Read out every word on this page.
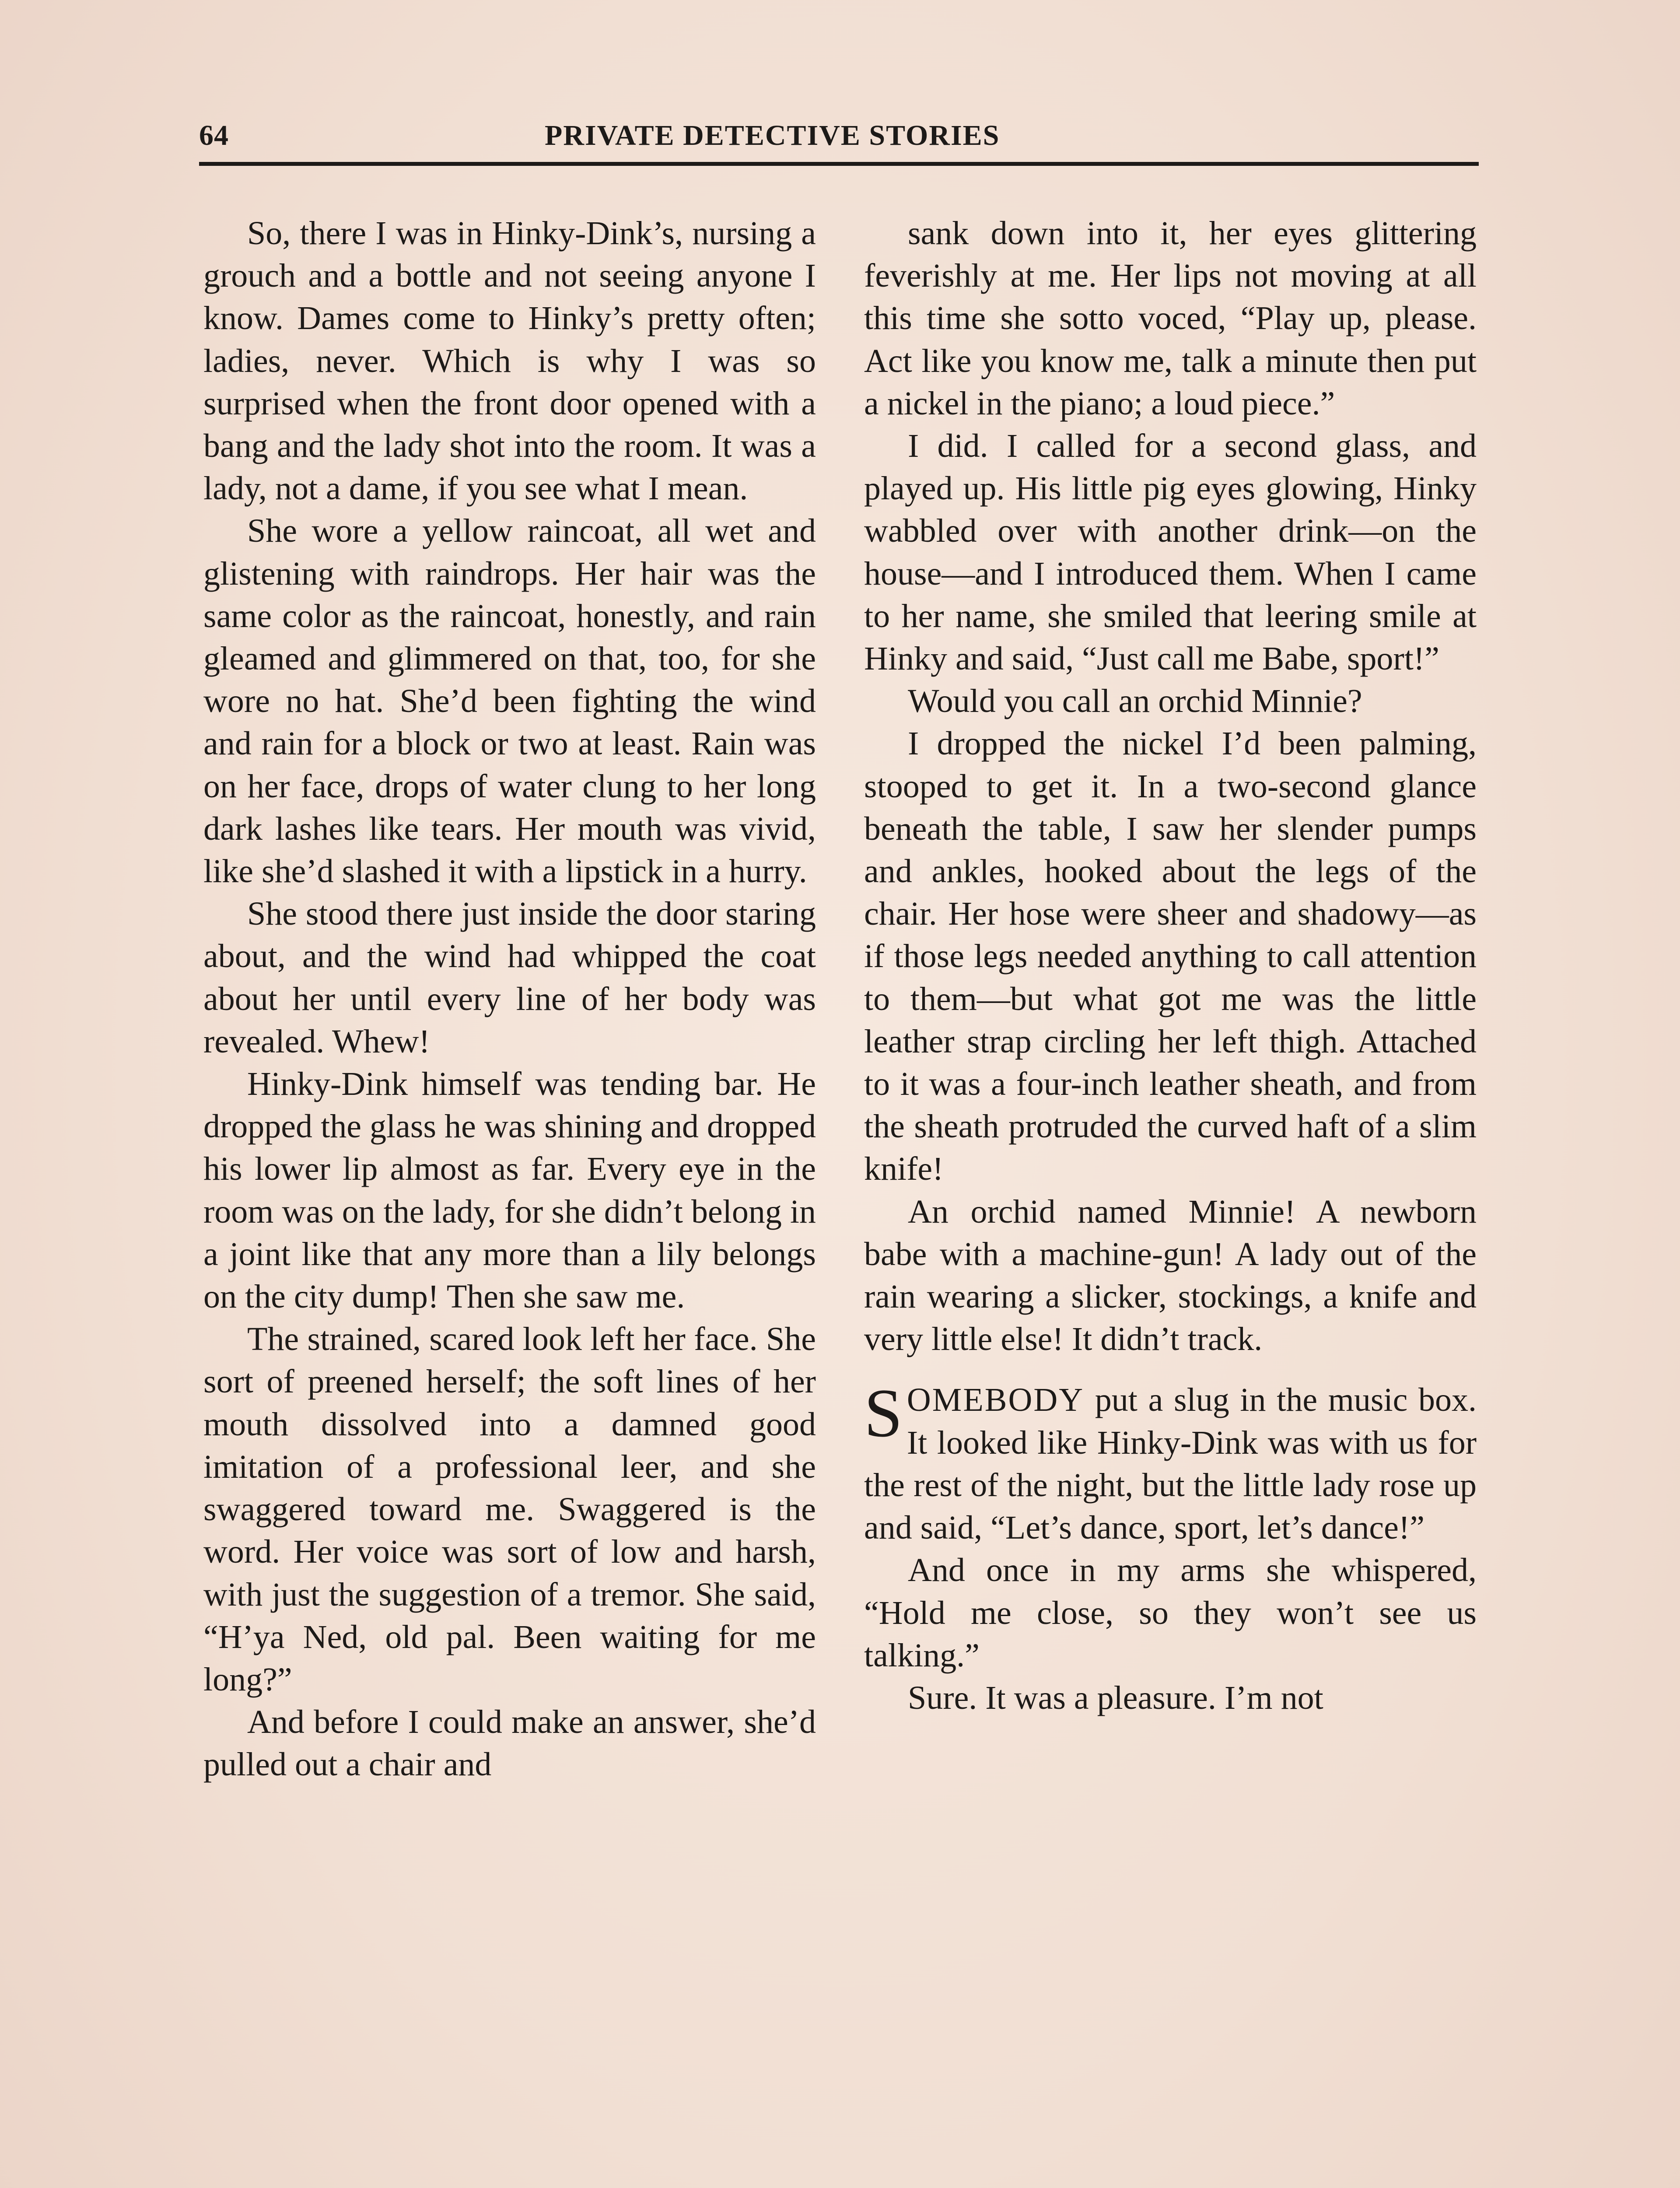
64	PRIVATE DETECTIVE STORIES

So, there I was in Hinky-Dink’s, nursing a grouch and a bottle and not seeing anyone I know. Dames come to Hinky’s pretty often; ladies, never. Which is why I was so surprised when the front door opened with a bang and the lady shot into the room. It was a lady, not a dame, if you see what I mean.

She wore a yellow raincoat, all wet and glistening with raindrops. Her hair was the same color as the raincoat, honestly, and rain gleamed and glimmered on that, too, for she wore no hat. She’d been fighting the wind and rain for a block or two at least. Rain was on her face, drops of water clung to her long dark lashes like tears. Her mouth was vivid, like she’d slashed it with a lipstick in a hurry.

She stood there just inside the door staring about, and the wind had whipped the coat about her until every line of her body was revealed. Whew!

Hinky-Dink himself was tending bar. He dropped the glass he was shining and dropped his lower lip almost as far. Every eye in the room was on the lady, for she didn’t belong in a joint like that any more than a lily belongs on the city dump! Then she saw me.

The strained, scared look left her face. She sort of preened herself; the soft lines of her mouth dissolved into a damned good imitation of a professional leer, and she swaggered toward me. Swaggered is the word. Her voice was sort of low and harsh, with just the suggestion of a tremor. She said, “H’ya Ned, old pal. Been waiting for me long?”

And before I could make an answer, she’d pulled out a chair and

sank down into it, her eyes glittering feverishly at me. Her lips not moving at all this time she sotto voced, “Play up, please. Act like you know me, talk a minute then put a nickel in the piano; a loud piece.”

I did. I called for a second glass, and played up. His little pig eyes glowing, Hinky wabbled over with another drink—on the house—and I introduced them. When I came to her name, she smiled that leering smile at Hinky and said, “Just call me Babe, sport!”

Would you call an orchid Minnie?

I dropped the nickel I’d been palming, stooped to get it. In a two-second glance beneath the table, I saw her slender pumps and ankles, hooked about the legs of the chair. Her hose were sheer and shadowy—as if those legs needed anything to call attention to them—but what got me was the little leather strap circling her left thigh. Attached to it was a four-inch leather sheath, and from the sheath protruded the curved haft of a slim knife!

An orchid named Minnie! A newborn babe with a machine-gun! A lady out of the rain wearing a slicker, stockings, a knife and very little else! It didn’t track.

SOMEBODY put a slug in the music box. It looked like Hinky-Dink was with us for the rest of the night, but the little lady rose up and said, “Let’s dance, sport, let’s dance!”

And once in my arms she whispered, “Hold me close, so they won’t see us talking.”

Sure. It was a pleasure. I’m not
